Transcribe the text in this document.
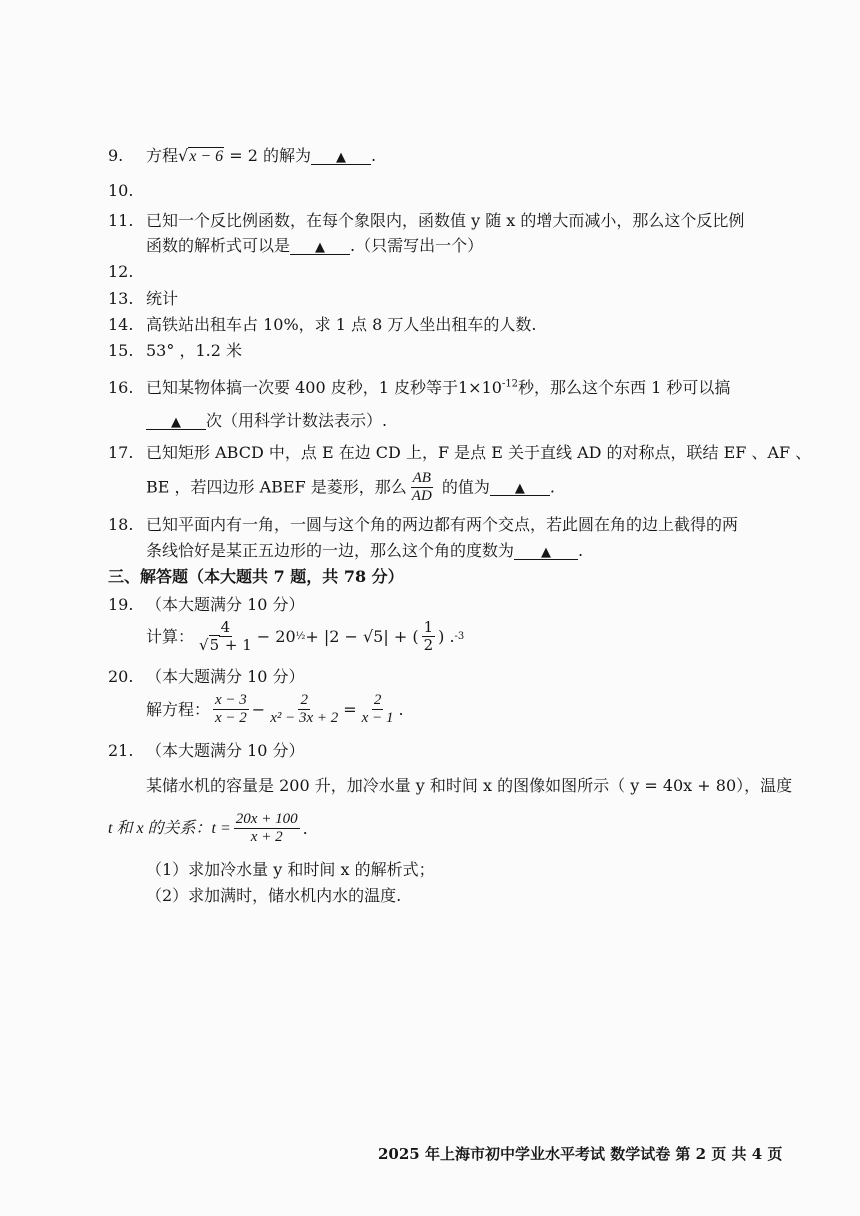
9. 方程√x − 6 = 2 的解为 ▲ .
10.
11. 已知一个反比例函数，在每个象限内，函数值 y 随 x 的增大而减小，那么这个反比例
函数的解析式可以是 ▲ .（只需写出一个）
12.
13. 统计
14. 高铁站出租车占 10%，求 1 点 8 万人坐出租车的人数.
15. 53° ，1.2 米
16. 已知某物体搞一次要 400 皮秒，1 皮秒等于$1\times 10^{-12}$秒，那么这个东西 1 秒可以搞
▲ 次（用科学计数法表示）.
17. 已知矩形 ABCD 中，点 E 在边 CD 上，F 是点 E 关于直线 AD 的对称点，联结 EF 、AF 、
BE ，若四边形 ABEF 是菱形，那么 $\frac{AB}{AD}$ 的值为 ▲ .
18. 已知平面内有一角，一圆与这个角的两边都有两个交点，若此圆在角的边上截得的两
条线恰好是某正五边形的一边，那么这个角的度数为 ▲ .
三、解答题（本大题共 7 题，共 78 分）
19. （本大题满分 10 分）
计算： $\frac{4}{√5 + 1} - 20$ ½ + |2 − √5| + ( $\frac{1}{2}$ ) . -3
20. （本大题满分 10 分）
解方程： $\frac{x - 3}{x - 2} - \frac{2}{\text{x² − 3x + 2}} = \frac{2}{x - 1}$ .
21. （本大题满分 10 分）
某储水机的容量是 200 升，加冷水量 y 和时间 x 的图像如图所示（ y = 40x + 80），温度
t 和 x 的关系：$t = \frac{20x + 100}{x + 2}$ .
（1）求加冷水量 y 和时间 x 的解析式；
（2）求加满时，储水机内水的温度.
2025 年上海市初中学业水平考试 数学试卷 第 2 页 共 4 页
